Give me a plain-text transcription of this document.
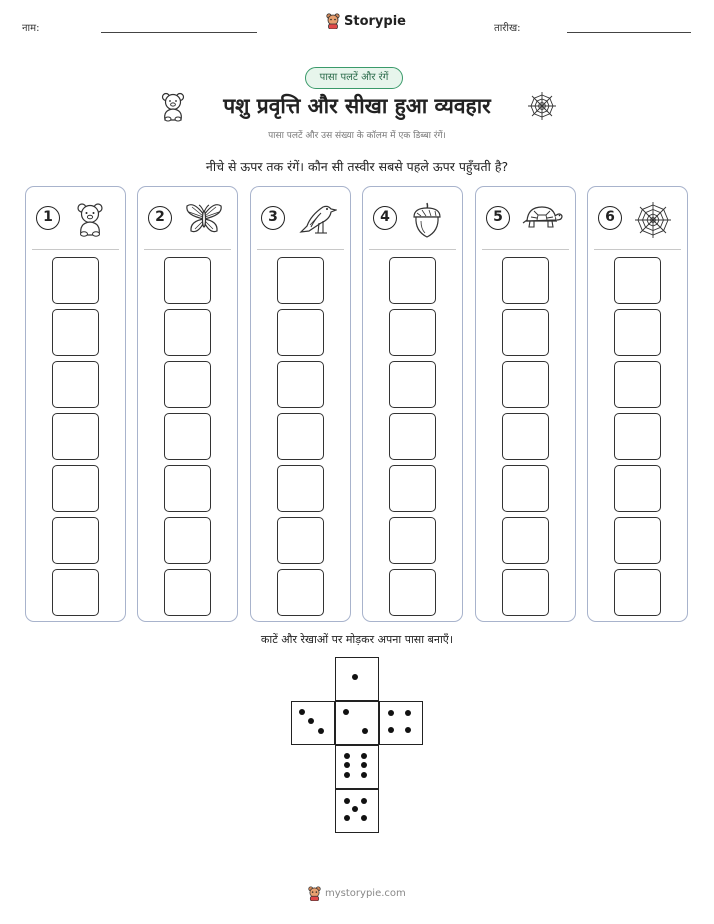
नाम:	Storypie	तारीख:
पासा पलटें और रंगें
पशु प्रवृत्ति और सीखा हुआ व्यवहार
पासा पलटें और उस संख्या के कॉलम में एक डिब्बा रंगें।
नीचे से ऊपर तक रंगें। कौन सी तस्वीर सबसे पहले ऊपर पहुँचती है?
1	2	3	4	5	6
काटें और रेखाओं पर मोड़कर अपना पासा बनाएँ।
mystorypie.com
